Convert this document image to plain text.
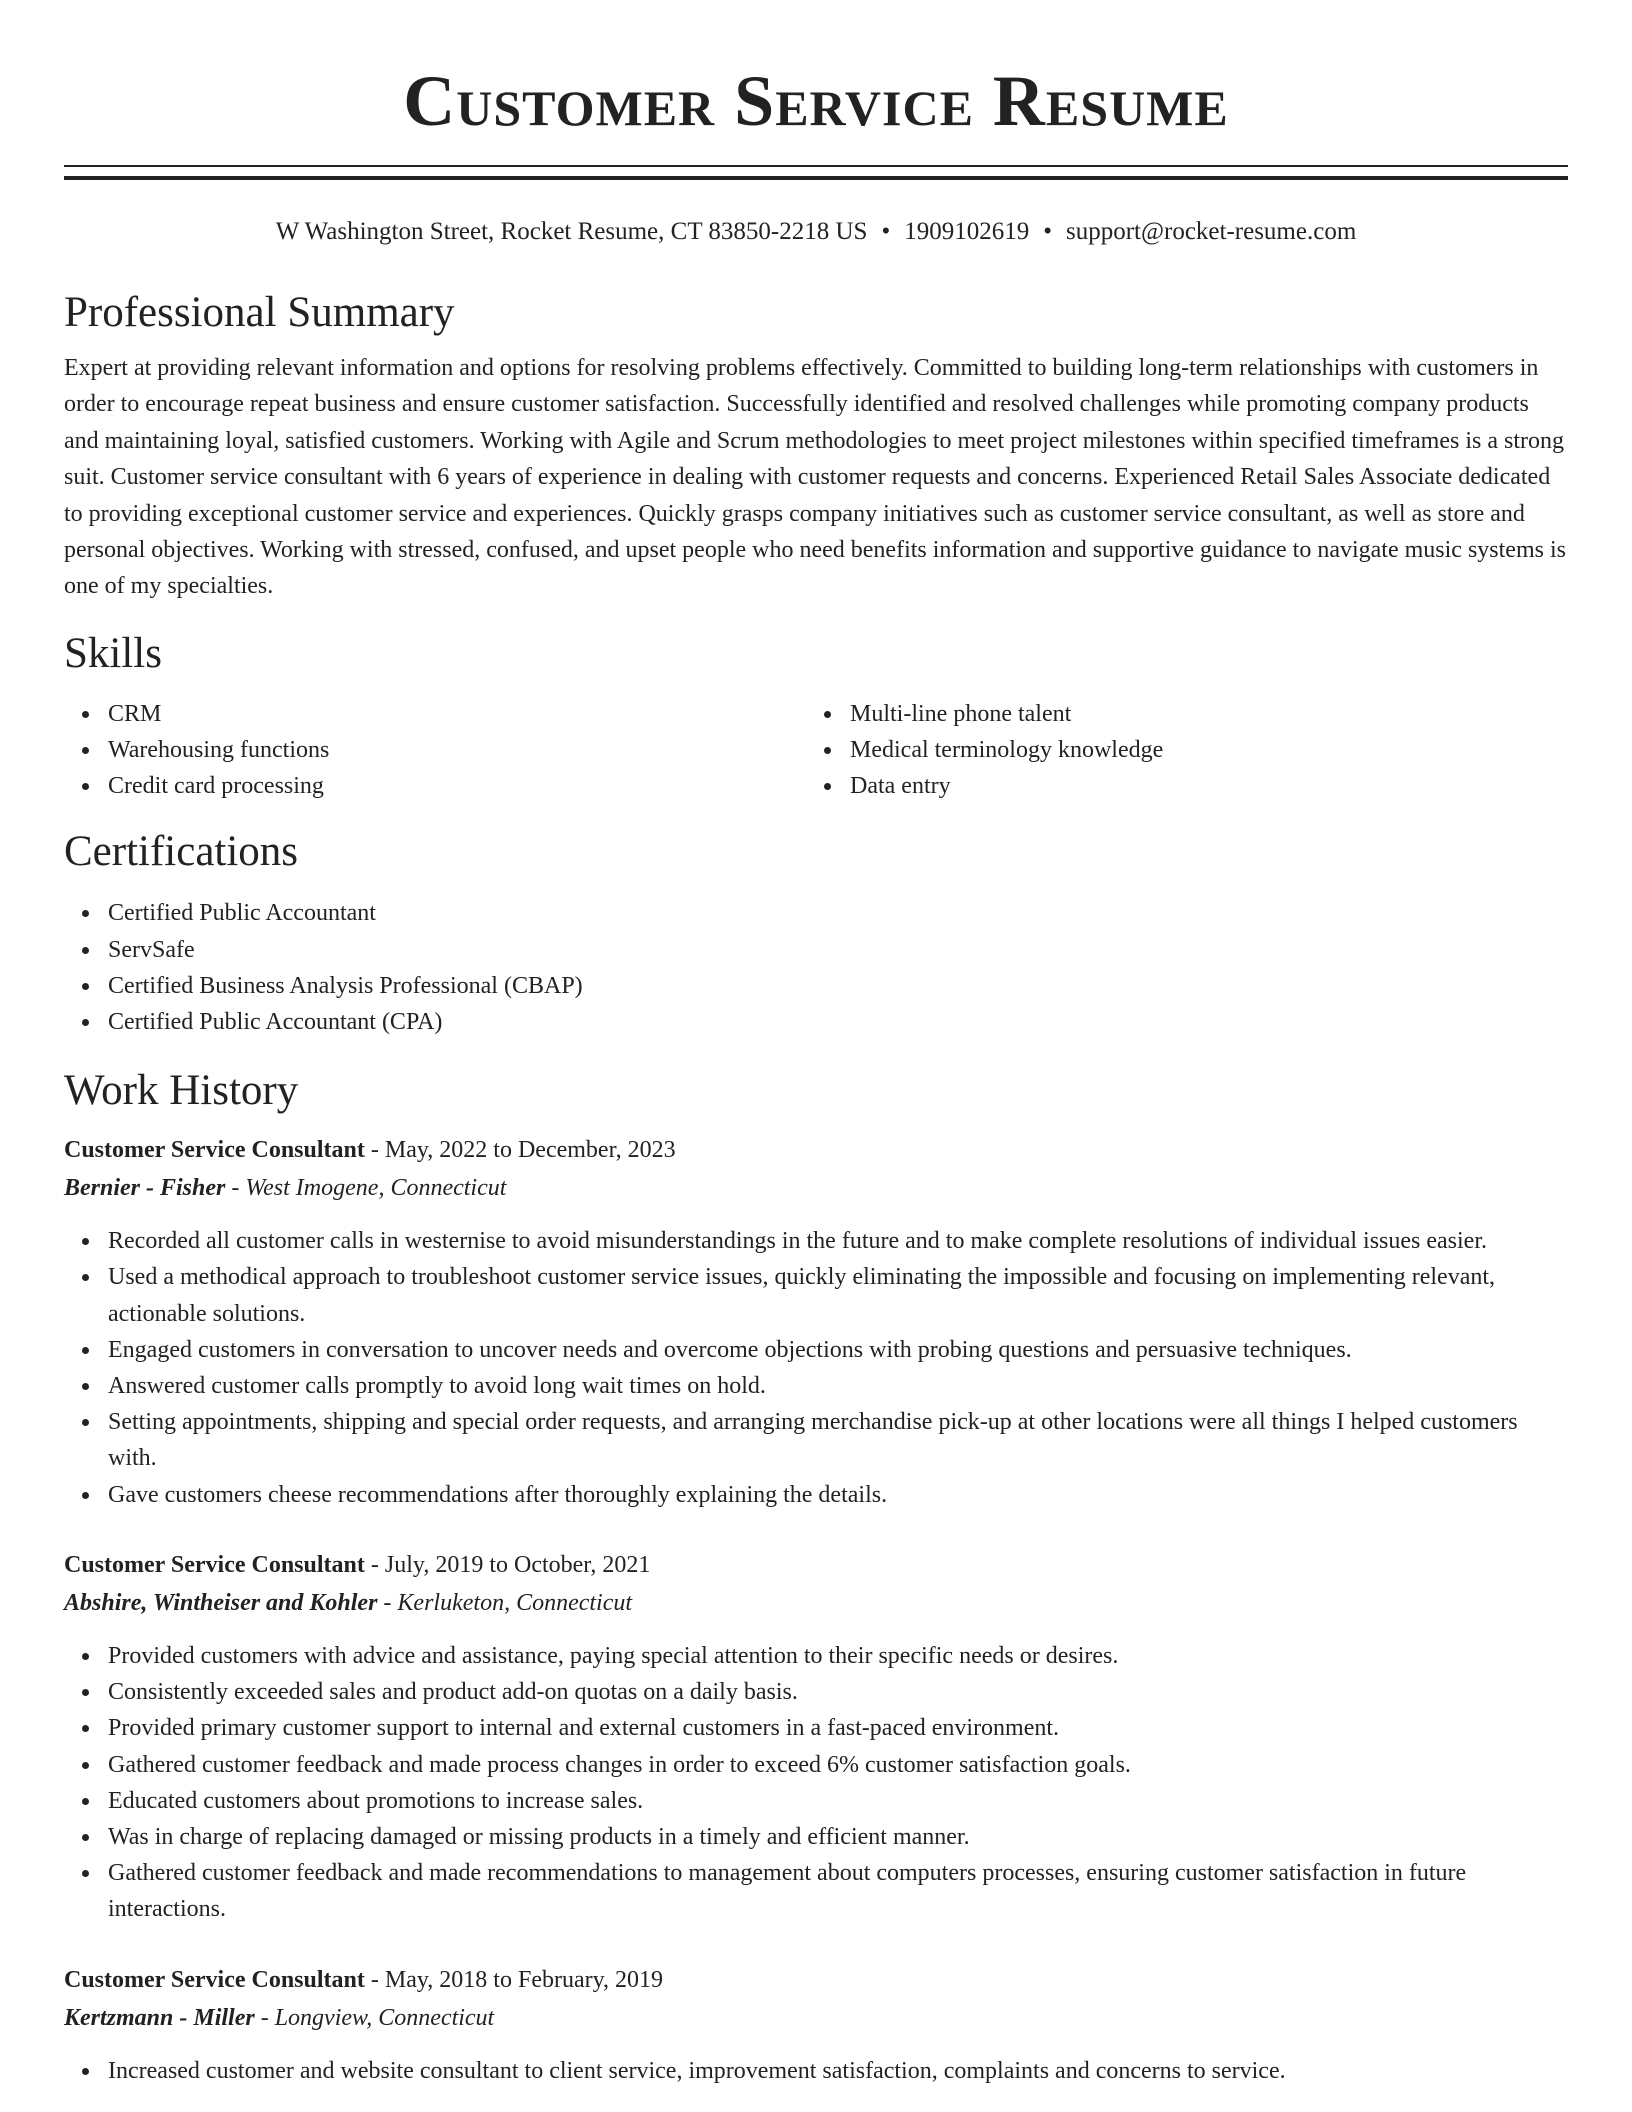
Customer Service Resume
W Washington Street, Rocket Resume, CT 83850-2218 US • 1909102619 • support@rocket-resume.com
Professional Summary

Expert at providing relevant information and options for resolving problems effectively. Committed to building long-term relationships with customers in order to encourage repeat business and ensure customer satisfaction. Successfully identified and resolved challenges while promoting company products and maintaining loyal, satisfied customers. Working with Agile and Scrum methodologies to meet project milestones within specified timeframes is a strong suit. Customer service consultant with 6 years of experience in dealing with customer requests and concerns. Experienced Retail Sales Associate dedicated to providing exceptional customer service and experiences. Quickly grasps company initiatives such as customer service consultant, as well as store and personal objectives. Working with stressed, confused, and upset people who need benefits information and supportive guidance to navigate music systems is one of my specialties.

Skills
CRM
Warehousing functions
Credit card processing
Multi-line phone talent
Medical terminology knowledge
Data entry
Certifications
Certified Public Accountant
ServSafe
Certified Business Analysis Professional (CBAP)
Certified Public Accountant (CPA)
Work History
Customer Service Consultant - May, 2022 to December, 2023
Bernier - Fisher - West Imogene, Connecticut
Recorded all customer calls in westernise to avoid misunderstandings in the future and to make complete resolutions of individual issues easier.
Used a methodical approach to troubleshoot customer service issues, quickly eliminating the impossible and focusing on implementing relevant, actionable solutions.
Engaged customers in conversation to uncover needs and overcome objections with probing questions and persuasive techniques.
Answered customer calls promptly to avoid long wait times on hold.
Setting appointments, shipping and special order requests, and arranging merchandise pick-up at other locations were all things I helped customers with.
Gave customers cheese recommendations after thoroughly explaining the details.
Customer Service Consultant - July, 2019 to October, 2021
Abshire, Wintheiser and Kohler - Kerluketon, Connecticut
Provided customers with advice and assistance, paying special attention to their specific needs or desires.
Consistently exceeded sales and product add-on quotas on a daily basis.
Provided primary customer support to internal and external customers in a fast-paced environment.
Gathered customer feedback and made process changes in order to exceed 6% customer satisfaction goals.
Educated customers about promotions to increase sales.
Was in charge of replacing damaged or missing products in a timely and efficient manner.
Gathered customer feedback and made recommendations to management about computers processes, ensuring customer satisfaction in future interactions.
Customer Service Consultant - May, 2018 to February, 2019
Kertzmann - Miller - Longview, Connecticut
Increased customer and website consultant to client service, improvement satisfaction, complaints and concerns to service.
